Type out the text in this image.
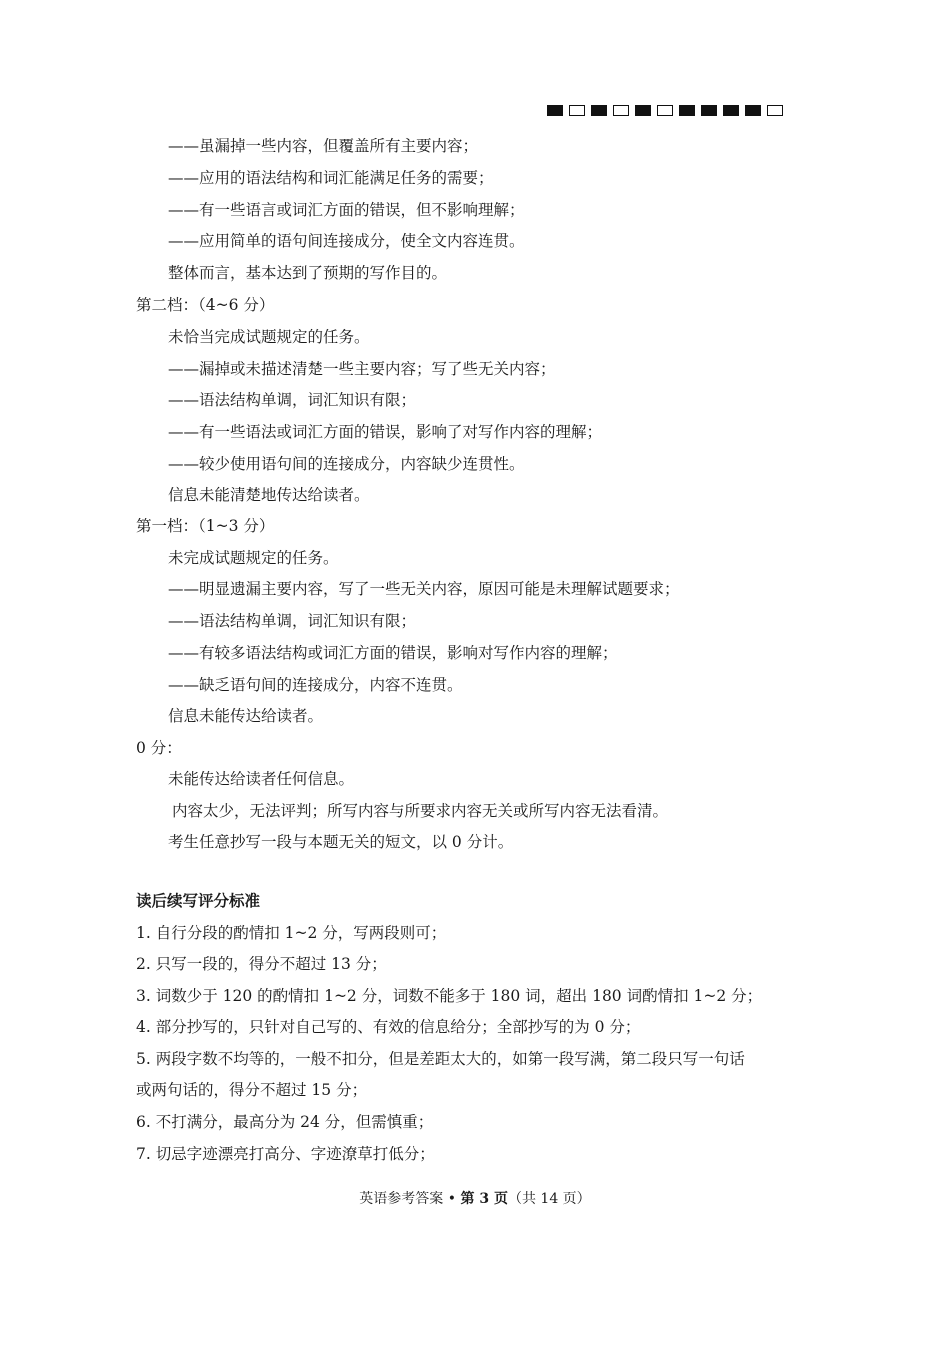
——虽漏掉一些内容，但覆盖所有主要内容；
——应用的语法结构和词汇能满足任务的需要；
——有一些语言或词汇方面的错误，但不影响理解；
——应用简单的语句间连接成分，使全文内容连贯。
整体而言，基本达到了预期的写作目的。
第二档：（4~6 分）
未恰当完成试题规定的任务。
——漏掉或未描述清楚一些主要内容；写了些无关内容；
——语法结构单调，词汇知识有限；
——有一些语法或词汇方面的错误，影响了对写作内容的理解；
——较少使用语句间的连接成分，内容缺少连贯性。
信息未能清楚地传达给读者。
第一档：（1~3 分）
未完成试题规定的任务。
——明显遗漏主要内容，写了一些无关内容，原因可能是未理解试题要求；
——语法结构单调，词汇知识有限；
——有较多语法结构或词汇方面的错误，影响对写作内容的理解；
——缺乏语句间的连接成分，内容不连贯。
信息未能传达给读者。
0 分：
未能传达给读者任何信息。
内容太少，无法评判；所写内容与所要求内容无关或所写内容无法看清。
考生任意抄写一段与本题无关的短文，以 0 分计。
读后续写评分标准
1. 自行分段的酌情扣 1~2 分，写两段则可；
2. 只写一段的，得分不超过 13 分；
3. 词数少于 120 的酌情扣 1~2 分，词数不能多于 180 词，超出 180 词酌情扣 1~2 分；
4. 部分抄写的，只针对自己写的、有效的信息给分；全部抄写的为 0 分；
5. 两段字数不均等的，一般不扣分，但是差距太大的，如第一段写满，第二段只写一句话
或两句话的，得分不超过 15 分；
6. 不打满分，最高分为 24 分，但需慎重；
7. 切忌字迹漂亮打高分、字迹潦草打低分；
英语参考答案 • 第 3 页（共 14 页）
